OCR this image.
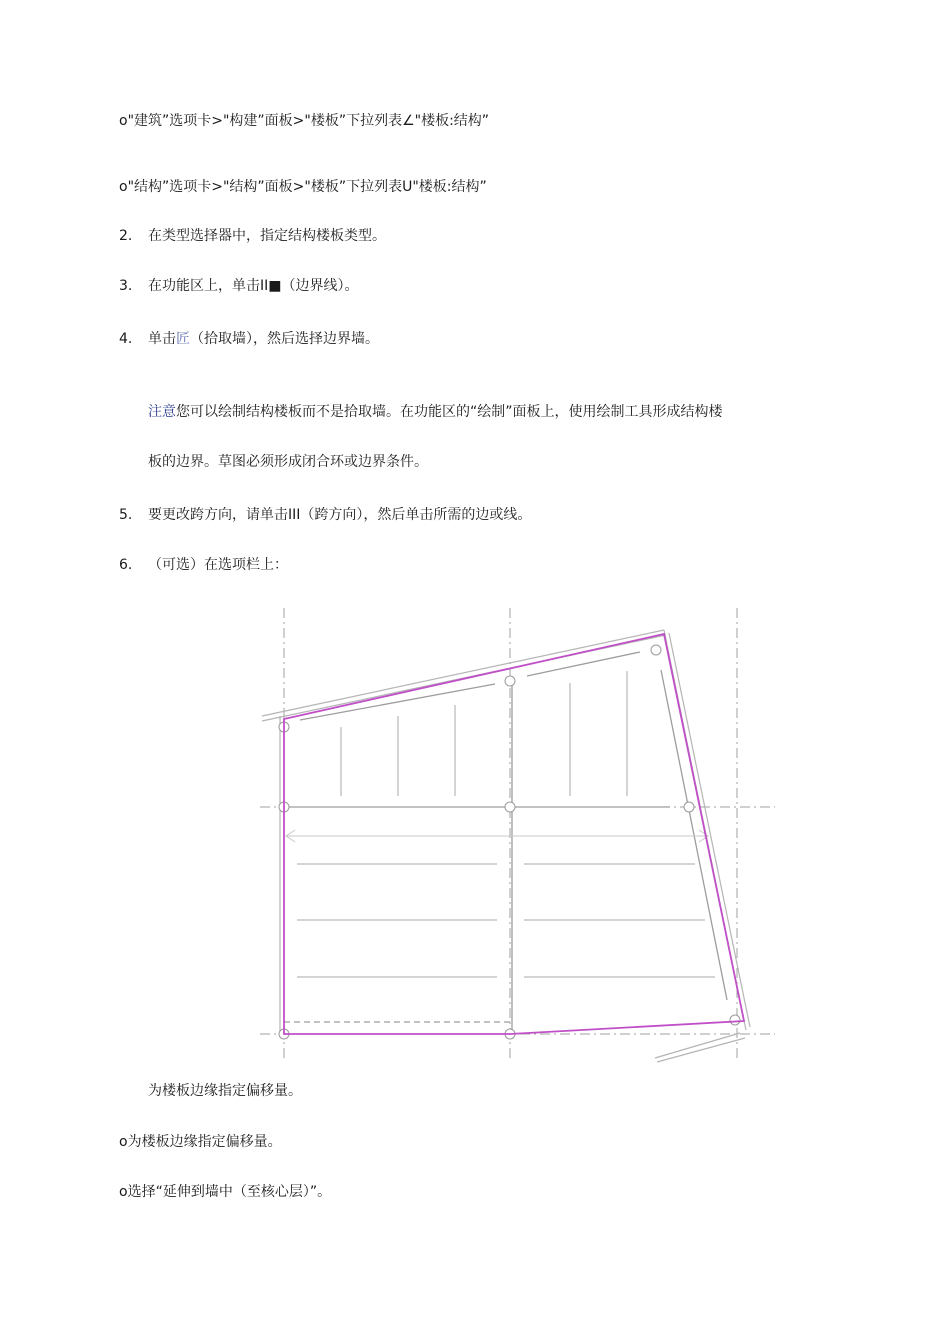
o"建筑”选项卡>"构建”面板>"楼板”下拉列表∠"楼板:结构”
o"结构”选项卡>"结构”面板>"楼板”下拉列表U"楼板:结构”
2. 在类型选择器中，指定结构楼板类型。
3. 在功能区上，单击II■（边界线）。
4. 单击匠（拾取墙），然后选择边界墙。
注意您可以绘制结构楼板而不是拾取墙。在功能区的“绘制”面板上，使用绘制工具形成结构楼
板的边界。草图必须形成闭合环或边界条件。
5. 要更改跨方向，请单击III（跨方向），然后单击所需的边或线。
6. （可选）在选项栏上：
为楼板边缘指定偏移量。
o为楼板边缘指定偏移量。
o选择“延伸到墙中（至核心层）”。
